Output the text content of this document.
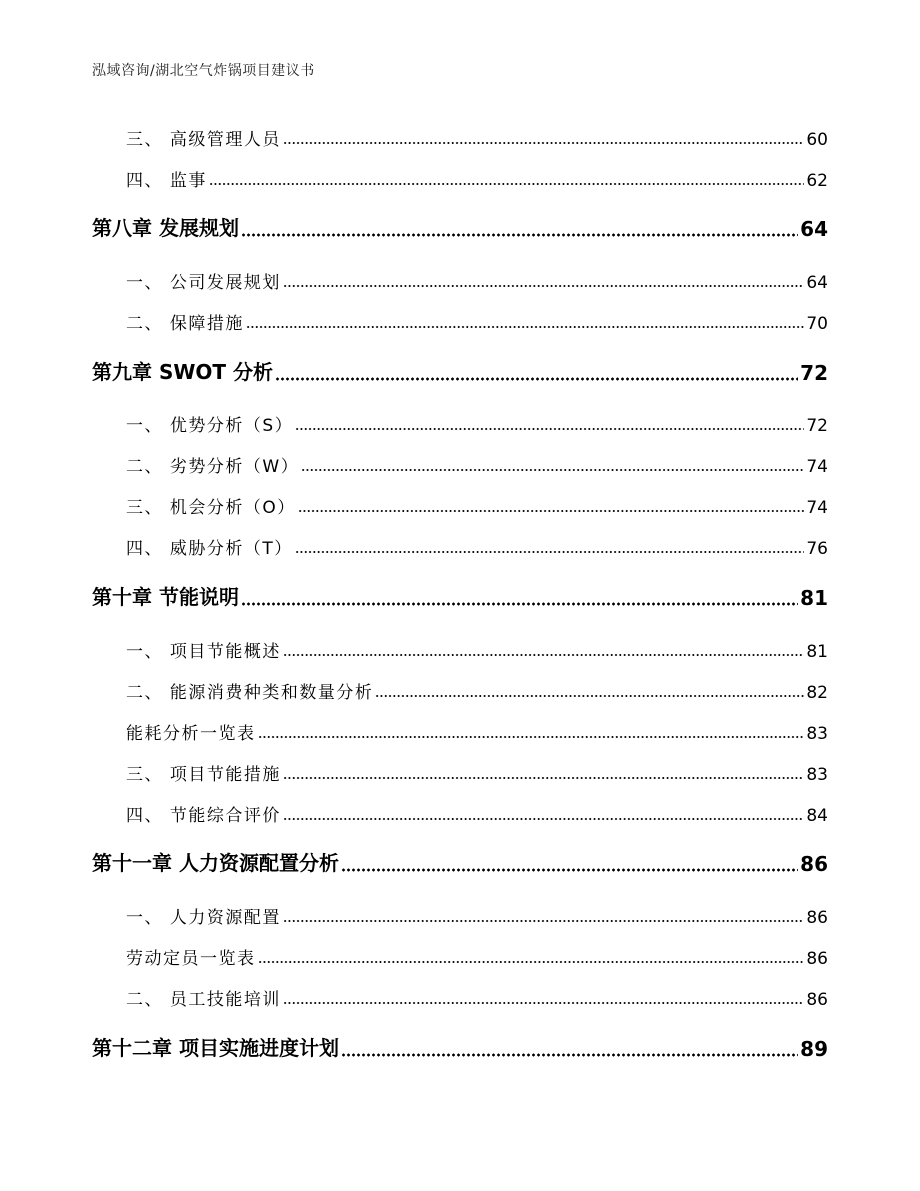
泓域咨询/湖北空气炸锅项目建议书
三、 高级管理人员	60
四、 监事	62
第八章 发展规划	64
一、 公司发展规划	64
二、 保障措施	70
第九章 SWOT 分析	72
一、 优势分析（S）	72
二、 劣势分析（W）	74
三、 机会分析（O）	74
四、 威胁分析（T）	76
第十章 节能说明	81
一、 项目节能概述	81
二、 能源消费种类和数量分析	82
能耗分析一览表	83
三、 项目节能措施	83
四、 节能综合评价	84
第十一章 人力资源配置分析	86
一、 人力资源配置	86
劳动定员一览表	86
二、 员工技能培训	86
第十二章 项目实施进度计划	89
